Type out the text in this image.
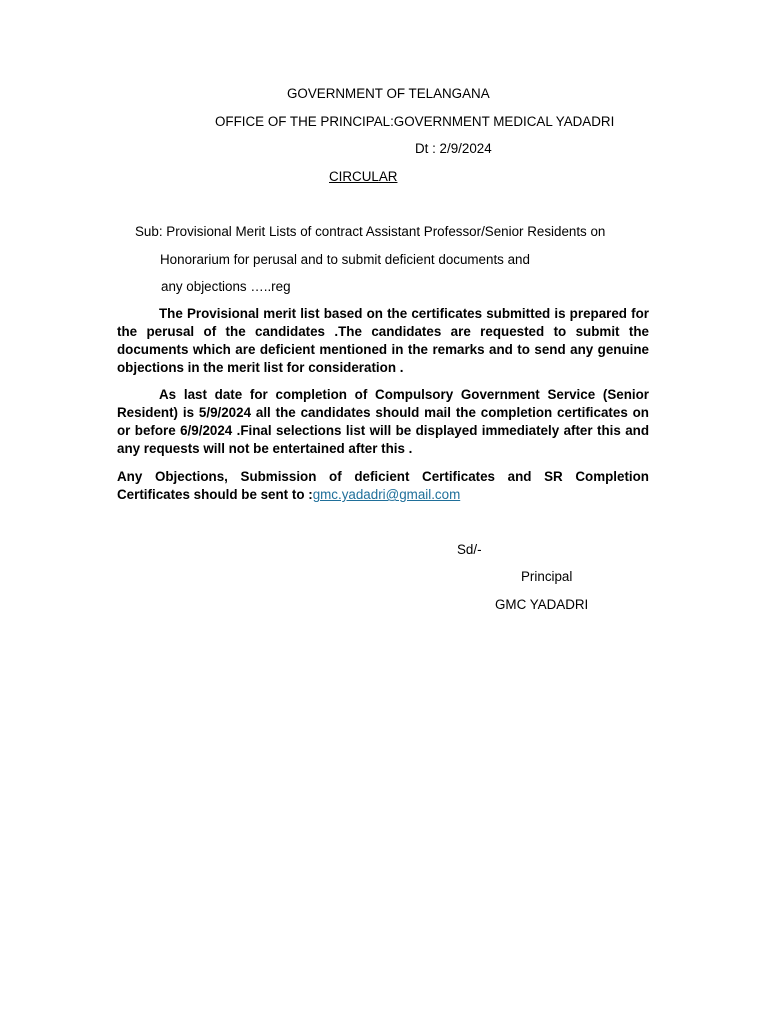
GOVERNMENT OF TELANGANA
OFFICE OF THE PRINCIPAL:GOVERNMENT MEDICAL YADADRI
Dt : 2/9/2024
CIRCULAR
Sub: Provisional Merit Lists of contract Assistant Professor/Senior Residents on
Honorarium for perusal and to submit deficient documents and
any objections …..reg

The Provisional merit list based on the certificates submitted is prepared for the perusal of the candidates .The candidates are requested to submit the documents which are deficient mentioned in the remarks and to send any genuine objections in the merit list for consideration .

As last date for completion of Compulsory Government Service (Senior Resident) is 5/9/2024 all the candidates should mail the completion certificates on or before 6/9/2024 .Final selections list will be displayed immediately after this and any requests will not be entertained after this .

Any Objections, Submission of deficient Certificates and SR Completion Certificates should be sent to :gmc.yadadri@gmail.com

Sd/-
Principal
GMC YADADRI
